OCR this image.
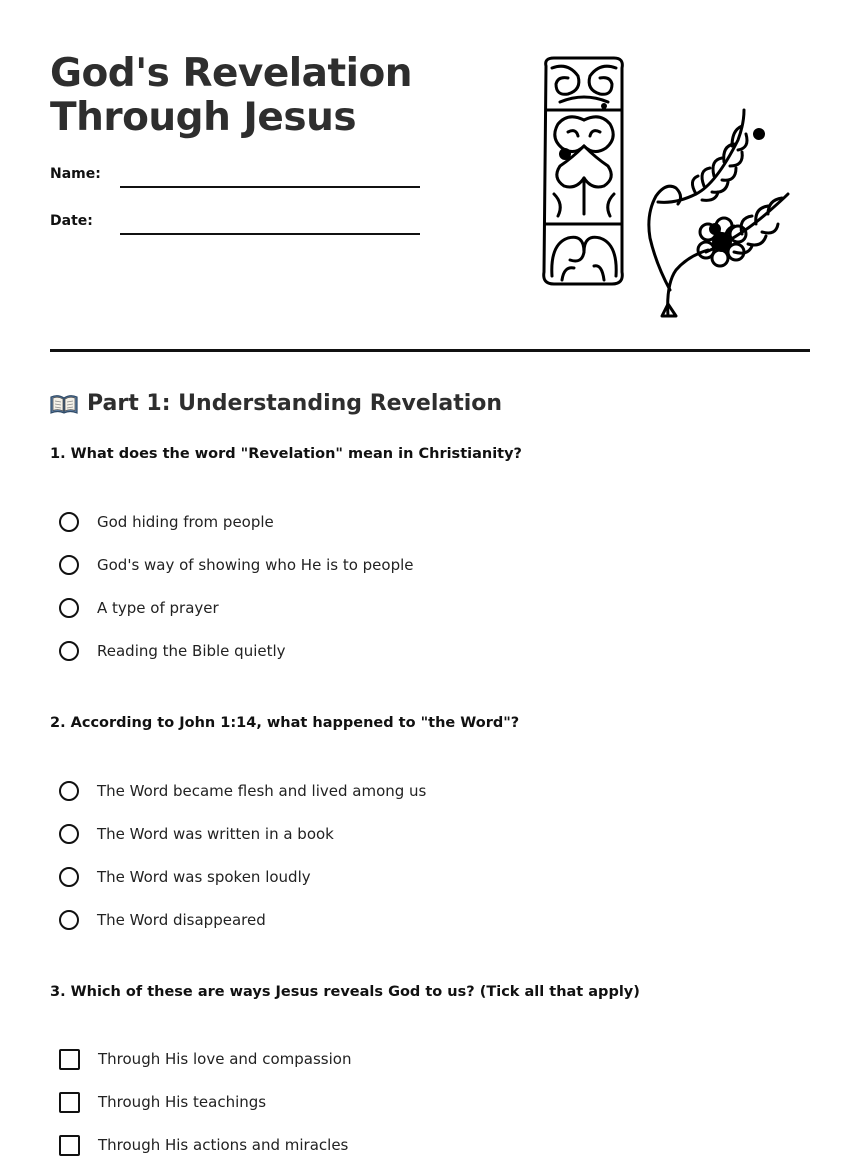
God's Revelation
Through Jesus
Name:
Date:
Part 1: Understanding Revelation

1. What does the word "Revelation" mean in Christianity?

God hiding from people
God's way of showing who He is to people
A type of prayer
Reading the Bible quietly

2. According to John 1:14, what happened to "the Word"?

The Word became flesh and lived among us
The Word was written in a book
The Word was spoken loudly
The Word disappeared

3. Which of these are ways Jesus reveals God to us? (Tick all that apply)

Through His love and compassion
Through His teachings
Through His actions and miracles
